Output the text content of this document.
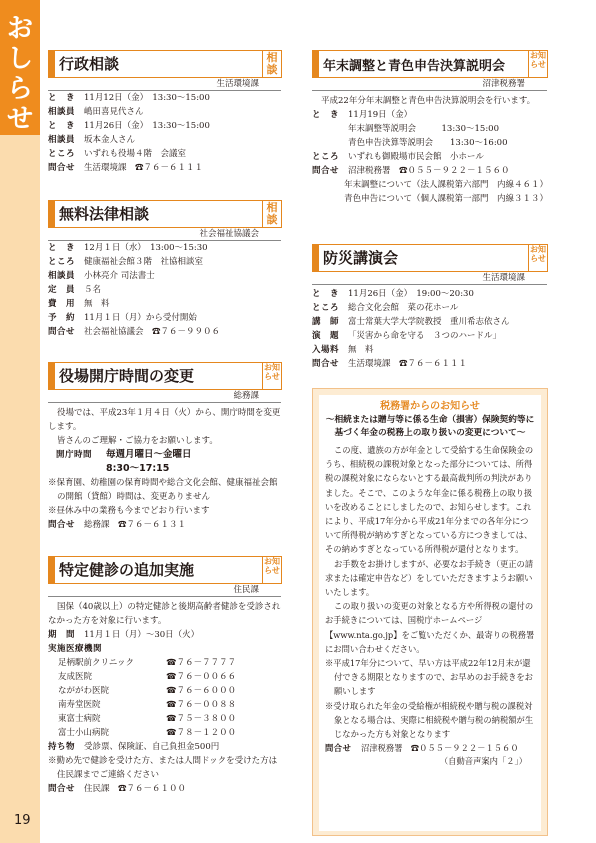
お
し
ら
せ
19
行政相談	相談
生活環境課
と　き	11月12日（金）　13:30～15:00
相談員	嶋田喜見代さん
と　き	11月26日（金）　13:30～15:00
相談員	坂本金人さん
ところ	いずれも役場４階　会議室
問合せ	生活環境課　☎７６－６１１１
無料法律相談	相談
社会福祉協議会
と　き	12月１日（水）　13:00～15:30
ところ	健康福祉会館３階　社協相談室
相談員	小林亮介 司法書士
定　員	５名
費　用	無　料
予　約	11月１日（月）から受付開始
問合せ	社会福祉協議会　☎７６－９９０６
役場開庁時間の変更	お知らせ
総務課
役場では、平成23年１月４日（火）から、開庁時間を変更します。
皆さんのご理解・ご協力をお願いします。
開庁時間	毎週月曜日～金曜日
8:30～17:15
※保育園、幼稚園の保育時間や総合文化会館、健康福祉会館の開館（貸館）時間は、変更ありません
※昼休み中の業務も今までどおり行います
問合せ	総務課　☎７６－６１３１
特定健診の追加実施	お知らせ
住民課
国保（40歳以上）の特定健診と後期高齢者健診を受診されなかった方を対象に行います。
期　間	11月１日（月）～30日（火）
実施医療機関
足柄駅前クリニック	☎７６－７７７７
友成医院	☎７６－００６６
なががわ医院	☎７６－６０００
南寿堂医院	☎７６－００８８
東富士病院	☎７５－３８００
富士小山病院	☎７８－１２００
持ち物	受診票、保険証、自己負担金500円
※勤め先で健診を受けた方、または人間ドックを受けた方は住民課までご連絡ください
問合せ	住民課　☎７６－６１００
年末調整と青色申告決算説明会
お知らせ
沼津税務署
平成22年分年末調整と青色申告決算説明会を行います。
と　き	11月19日（金）
年末調整等説明会　　　13:30～15:00
青色申告決算等説明会　　13:30～16:00
ところ	いずれも御殿場市民会館　小ホール
問合せ	沼津税務署　☎０５５－９２２－１５６０
年末調整について（法人課税第六部門　内線４６１）
青色申告について（個人課税第一部門　内線３１３）
防災講演会	お知らせ
生活環境課
と　き	11月26日（金）　19:00～20:30
ところ	総合文化会館　菜の花ホール
講　師	富士常葉大学大学院教授　重川希志依さん
演　題	「災害から命を守る　３つのハードル」
入場料	無　料
問合せ	生活環境課　☎７６－６１１１
税務署からのお知らせ
～相続または贈与等に係る生命（損害）保険契約等に
基づく年金の税務上の取り扱いの変更について～
この度、遺族の方が年金として受給する生命保険金のうち、相続税の課税対象となった部分については、所得税の課税対象にならないとする最高裁判所の判決がありました。そこで、このような年金に係る税務上の取り扱いを改めることにしましたので、お知らせします。これにより、平成17年分から平成21年分までの各年分について所得税が納めすぎとなっている方につきましては、その納めすぎとなっている所得税が還付となります。
お手数をお掛けしますが、必要なお手続き（更正の請求または確定申告など）をしていただきますようお願いいたします。
この取り扱いの変更の対象となる方や所得税の還付のお手続きについては、国税庁ホームページ【www.nta.go.jp】をご覧いただくか、最寄りの税務署にお問い合わせください。
※平成17年分について、早い方は平成22年12月末が還付できる期限となりますので、お早めのお手続きをお願いします
※受け取られた年金の受給権が相続税や贈与税の課税対象となる場合は、実際に相続税や贈与税の納税額が生じなかった方も対象となります
問合せ	沼津税務署　☎０５５－９２２－１５６０
（自動音声案内「２」）
